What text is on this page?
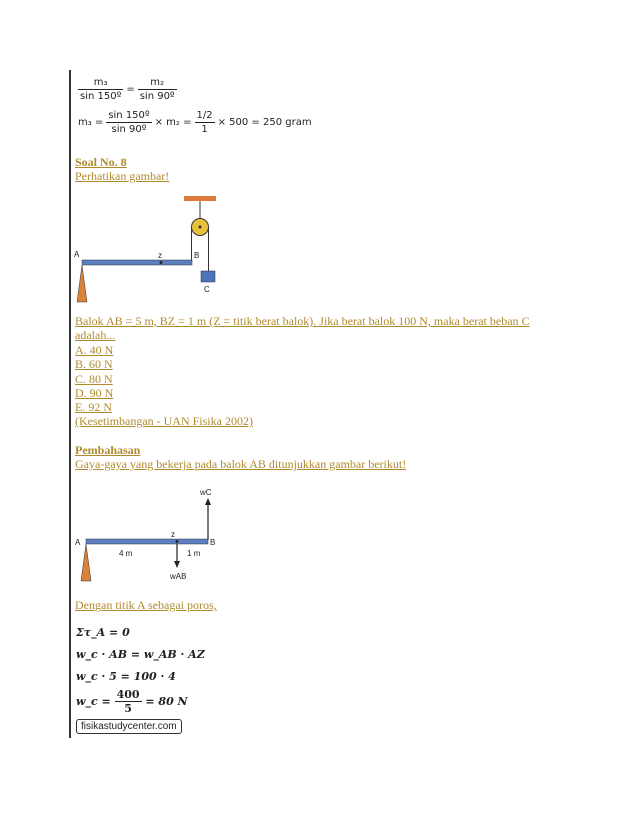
$\frac{\text{m₃}}{\text{sin 150º}} = \frac{\text{m₂}}{\text{sin 90º}}$
$m_3 = \frac{\text{sin 150º}}{\text{sin 90º}} \times m_2 = \frac{1/2}{1} \times 500 = 250$ gram
Soal No. 8
Perhatikan gambar!
A	z	B
C
Balok AB = 5 m, BZ = 1 m (Z = titik berat balok). Jika berat balok 100 N, maka berat beban C
adalah...
A. 40 N
B. 60 N
C. 80 N
D. 90 N
E. 92 N
(Kesetimbangan - UAN Fisika 2002)
Pembahasan
Gaya-gaya yang bekerja pada balok AB ditunjukkan gambar berikut!
wC
A
z
B
4 m	1 m
wAB
Dengan titik A sebagai poros,
Στ_A = 0
w_c · AB = w_AB · AZ
w_c · 5 = 100 · 4
w_c = $\frac{400}{5} = 80$ N
fisikastudycenter.com
